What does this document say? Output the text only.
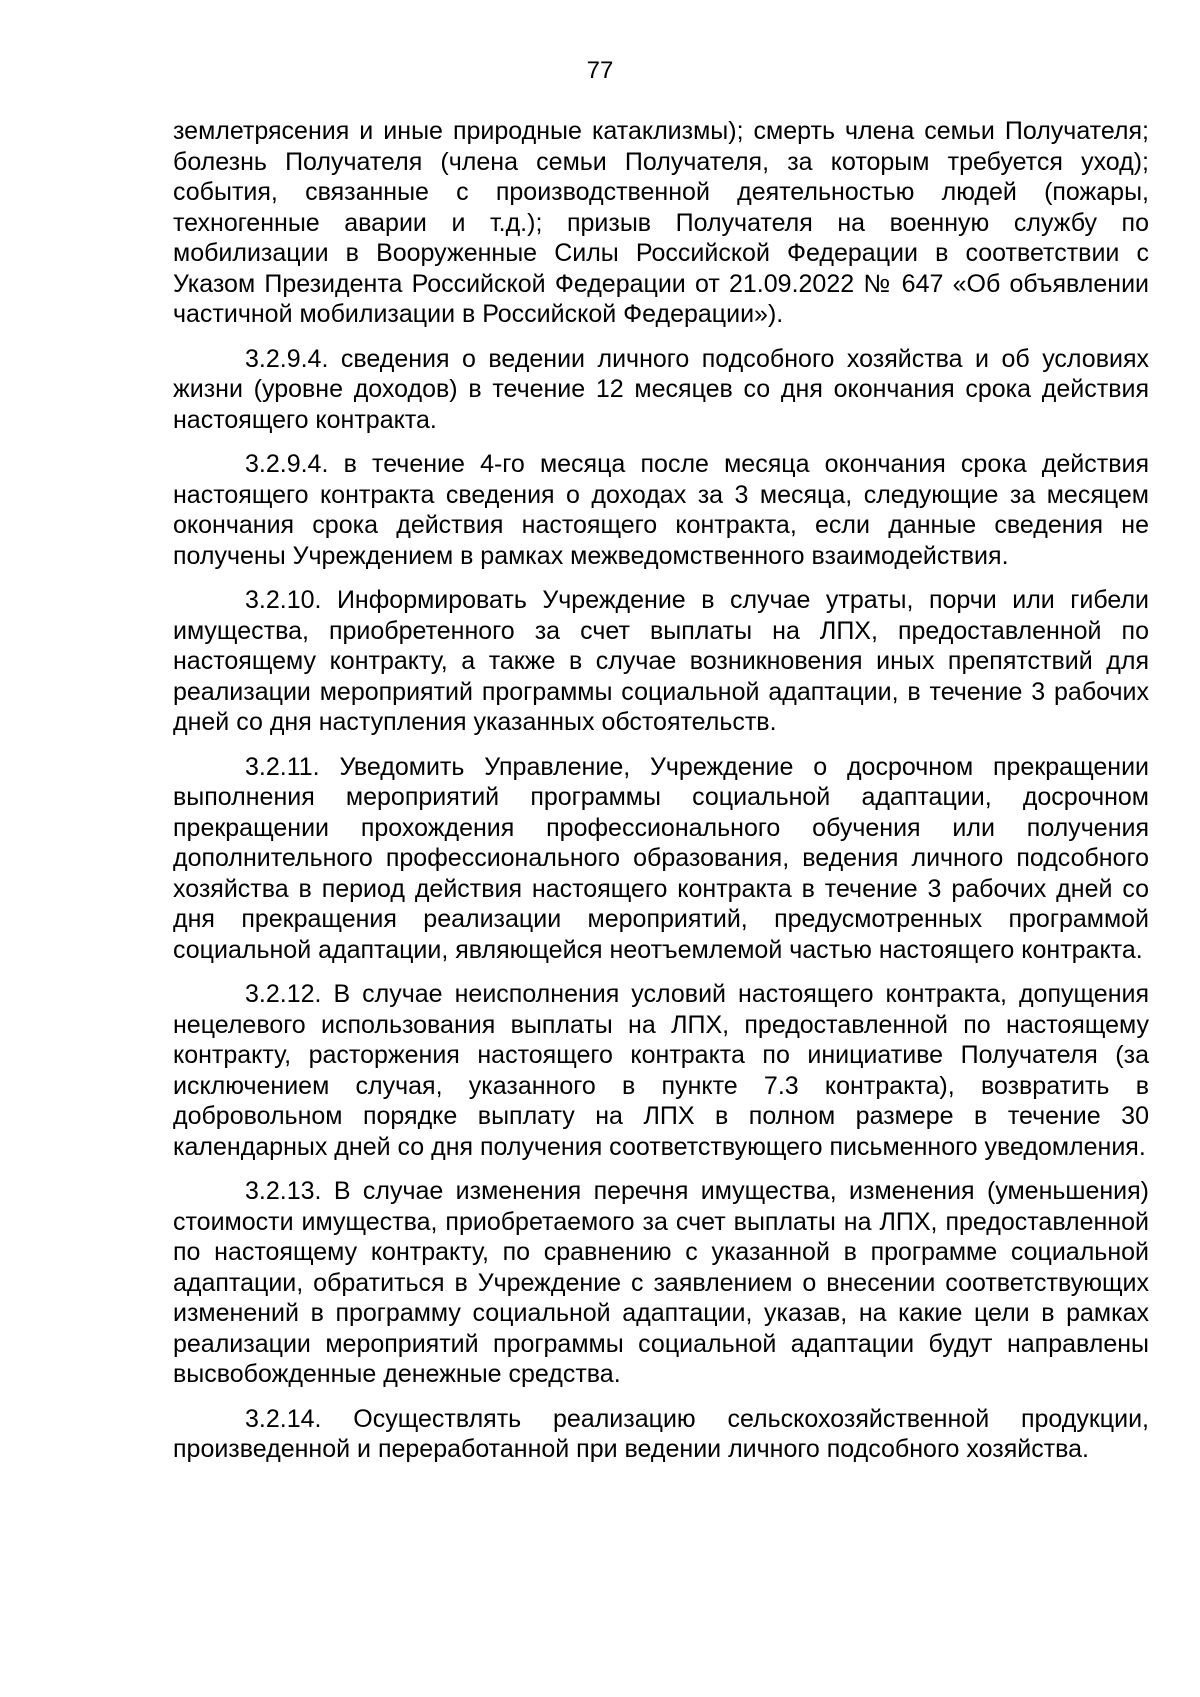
77

землетрясения и иные природные катаклизмы); смерть члена семьи Получателя; болезнь Получателя (члена семьи Получателя, за которым требуется уход); события, связанные с производственной деятельностью людей (пожары, техногенные аварии и т.д.); призыв Получателя на военную службу по мобилизации в Вооруженные Силы Российской Федерации в соответствии с Указом Президента Российской Федерации от 21.09.2022 № 647 «Об объявлении частичной мобилизации в Российской Федерации»).

3.2.9.4. сведения о ведении личного подсобного хозяйства и об условиях жизни (уровне доходов) в течение 12 месяцев со дня окончания срока действия настоящего контракта.

3.2.9.4. в течение 4-го месяца после месяца окончания срока действия настоящего контракта сведения о доходах за 3 месяца, следующие за месяцем окончания срока действия настоящего контракта, если данные сведения не получены Учреждением в рамках межведомственного взаимодействия.

3.2.10. Информировать Учреждение в случае утраты, порчи или гибели имущества, приобретенного за счет выплаты на ЛПХ, предоставленной по настоящему контракту, а также в случае возникновения иных препятствий для реализации мероприятий программы социальной адаптации, в течение 3 рабочих дней со дня наступления указанных обстоятельств.

3.2.11. Уведомить Управление, Учреждение о досрочном прекращении выполнения мероприятий программы социальной адаптации, досрочном прекращении прохождения профессионального обучения или получения дополнительного профессионального образования, ведения личного подсобного хозяйства в период действия настоящего контракта в течение 3 рабочих дней со дня прекращения реализации мероприятий, предусмотренных программой социальной адаптации, являющейся неотъемлемой частью настоящего контракта.

3.2.12. В случае неисполнения условий настоящего контракта, допущения нецелевого использования выплаты на ЛПХ, предоставленной по настоящему контракту, расторжения настоящего контракта по инициативе Получателя (за исключением случая, указанного в пункте 7.3 контракта), возвратить в добровольном порядке выплату на ЛПХ в полном размере в течение 30 календарных дней со дня получения соответствующего письменного уведомления.

3.2.13. В случае изменения перечня имущества, изменения (уменьшения) стоимости имущества, приобретаемого за счет выплаты на ЛПХ, предоставленной по настоящему контракту, по сравнению с указанной в программе социальной адаптации, обратиться в Учреждение с заявлением о внесении соответствующих изменений в программу социальной адаптации, указав, на какие цели в рамках реализации мероприятий программы социальной адаптации будут направлены высвобожденные денежные средства.

3.2.14. Осуществлять реализацию сельскохозяйственной продукции, произведенной и переработанной при ведении личного подсобного хозяйства.
